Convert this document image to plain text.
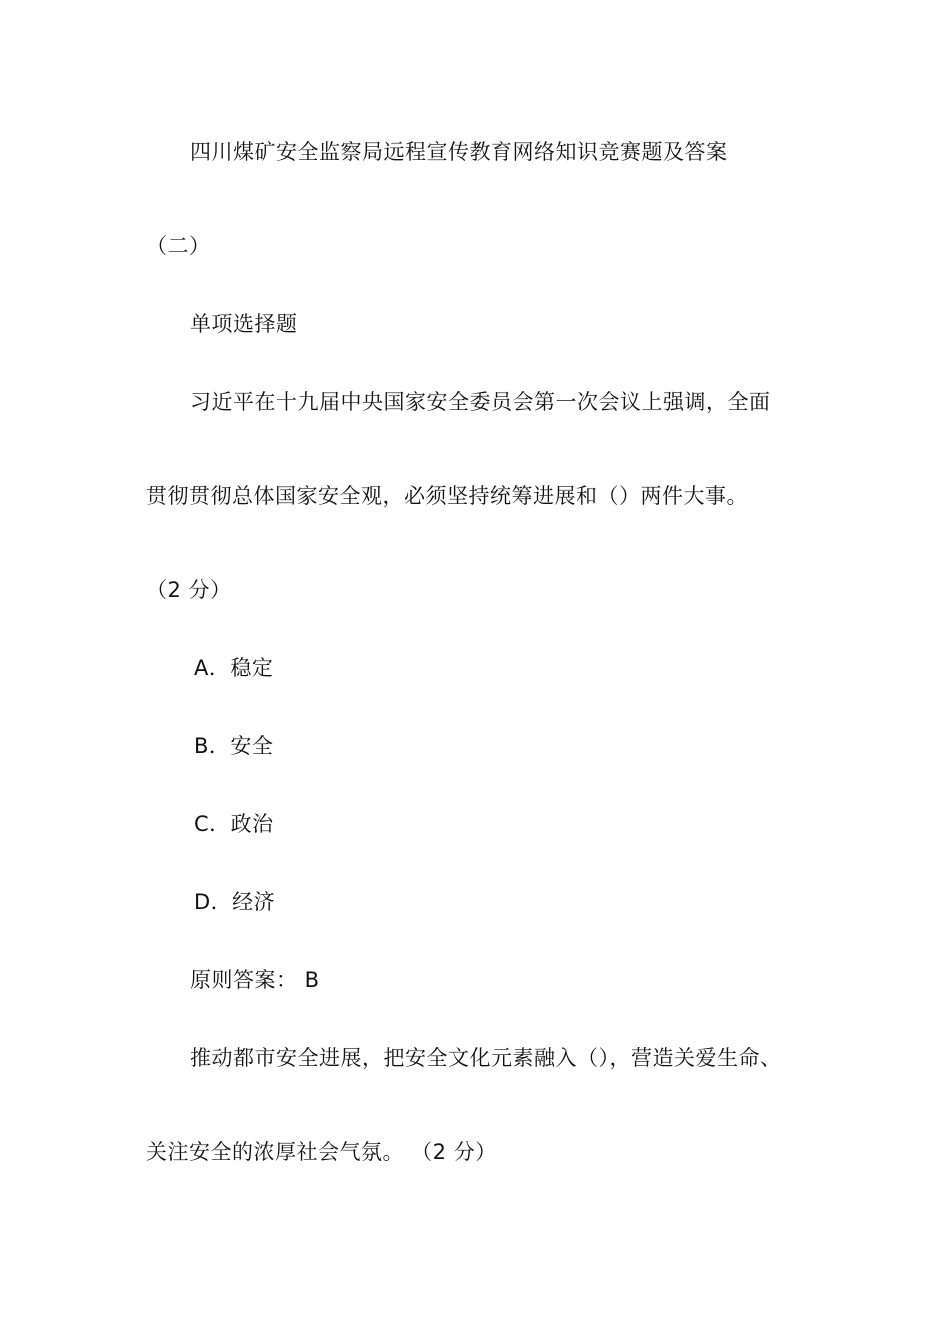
四川煤矿安全监察局远程宣传教育网络知识竞赛题及答案
（二）
单项选择题
习近平在十九届中央国家安全委员会第一次会议上强调，全面
贯彻贯彻总体国家安全观，必须坚持统筹进展和（）两件大事。
（2 分）
A．稳定
B．安全
C．政治
D．经济
原则答案： B
推动都市安全进展，把安全文化元素融入（），营造关爱生命、
关注安全的浓厚社会气氛。 （2 分）
